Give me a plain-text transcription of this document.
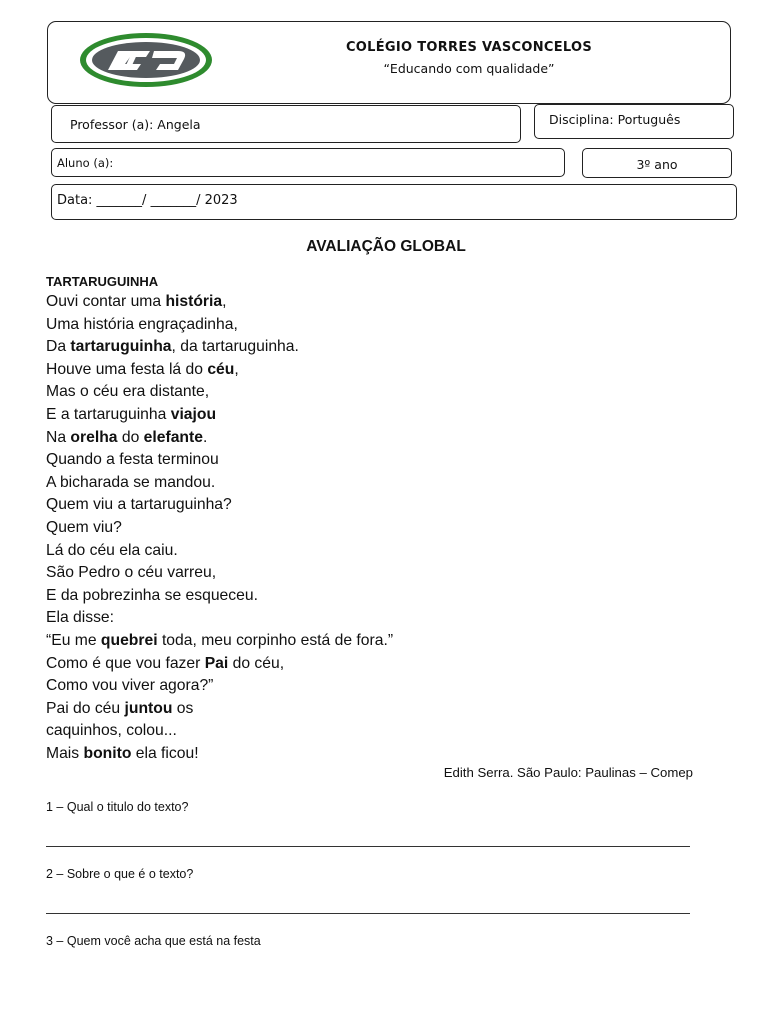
COLÉGIO TORRES VASCONCELOS
“Educando com qualidade”
Professor (a): Angela	Disciplina: Português
Aluno (a):	3º ano
Data: _______/ _______/ 2023
AVALIAÇÃO GLOBAL
TARTARUGUINHA
Ouvi contar uma história,
Uma história engraçadinha,
Da tartaruguinha, da tartaruguinha.
Houve uma festa lá do céu,
Mas o céu era distante,
E a tartaruguinha viajou
Na orelha do elefante.
Quando a festa terminou
A bicharada se mandou.
Quem viu a tartaruguinha?
Quem viu?
Lá do céu ela caiu.
São Pedro o céu varreu,
E da pobrezinha se esqueceu.
Ela disse:
“Eu me quebrei toda, meu corpinho está de fora.”
Como é que vou fazer Pai do céu,
Como vou viver agora?”
Pai do céu juntou os
caquinhos, colou...
Mais bonito ela ficou!
Edith Serra. São Paulo: Paulinas – Comep
1 – Qual o titulo do texto?
2 – Sobre o que é o texto?
3 – Quem você acha que está na festa
